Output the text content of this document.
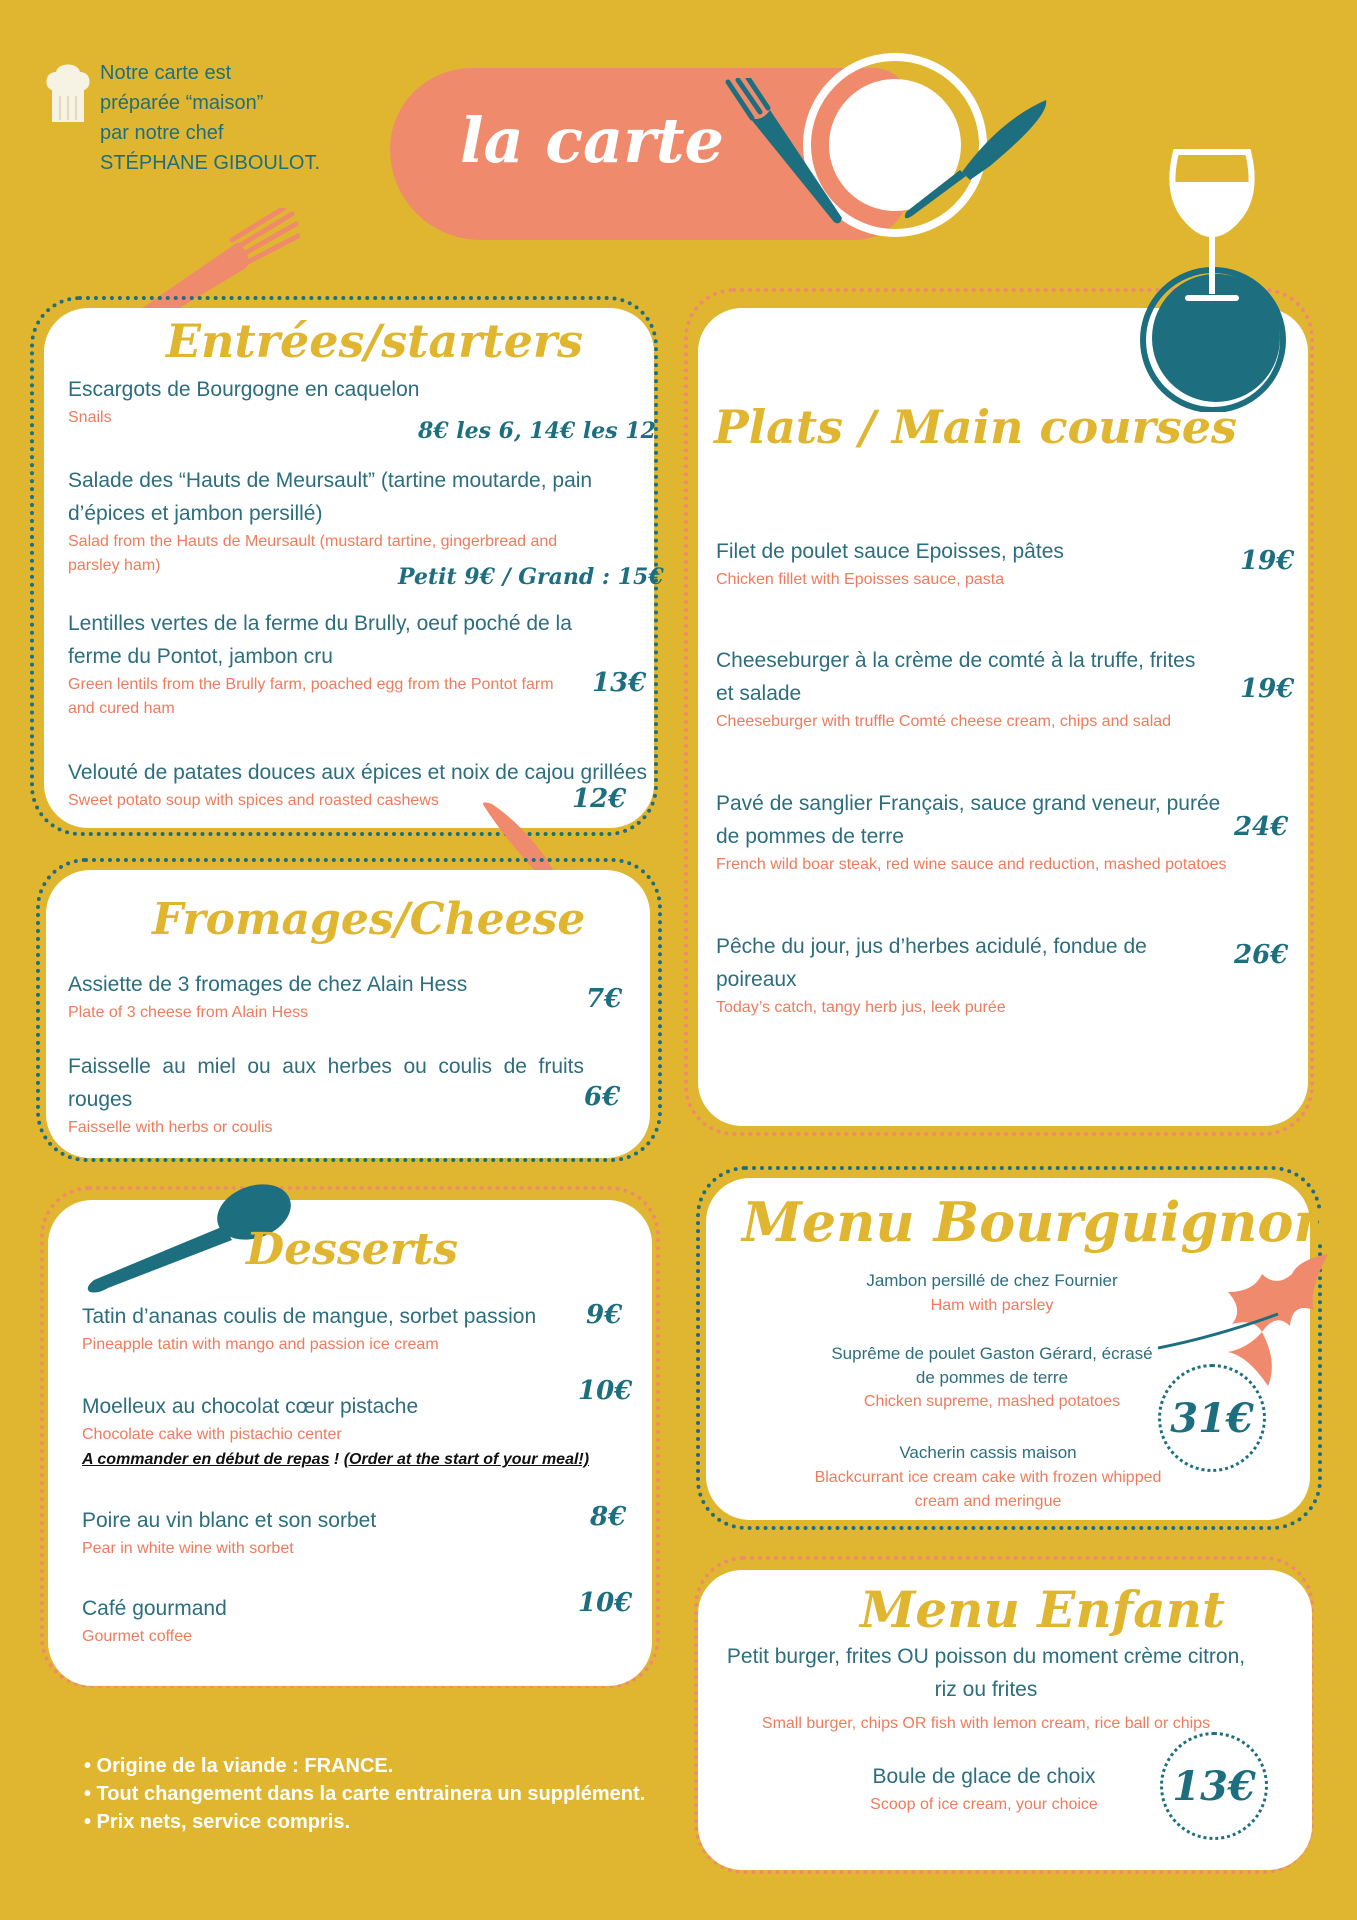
Notre carte est
préparée “maison”
par notre chef
STÉPHANE GIBOULOT. la carte
Entrées/starters
Escargots de Bourgogne en caquelon
Snails
8€ les 6, 14€ les 12
Salade des “Hauts de Meursault” (tartine moutarde, pain d’épices et jambon persillé)
Salad from the Hauts de Meursault (mustard tartine, gingerbread and parsley ham)	Petit 9€ / Grand : 15€
Lentilles vertes de la ferme du Brully, oeuf poché de la ferme du Pontot, jambon cru
Green lentils from the Brully farm, poached egg from the Pontot farm and cured ham
13€
Velouté de patates douces aux épices et noix de cajou grillées
Sweet potato soup with spices and roasted cashews	12€
Fromages/Cheese
Assiette de 3 fromages de chez Alain Hess
Plate of 3 cheese from Alain Hess	7€
Faisselle au miel ou aux herbes ou coulis de fruits rouges
Faisselle with herbs or coulis
6€
Desserts
Tatin d’ananas coulis de mangue, sorbet passion
Pineapple tatin with mango and passion ice cream
9€
Moelleux au chocolat cœur pistache
Chocolate cake with pistachio center
A commander en début de repas ! (Order at the start of your meal!)
10€
Poire au vin blanc et son sorbet
Pear in white wine with sorbet
8€
Café gourmand
Gourmet coffee
10€
• Origine de la viande : FRANCE.
• Tout changement dans la carte entrainera un supplément.
• Prix nets, service compris.
Plats / Main courses
Filet de poulet sauce Epoisses, pâtes
Chicken fillet with Epoisses sauce, pasta
19€
Cheeseburger à la crème de comté à la truffe, frites et salade
Cheeseburger with truffle Comté cheese cream, chips and salad
19€
Pavé de sanglier Français, sauce grand veneur, purée de pommes de terre
French wild boar steak, red wine sauce and reduction, mashed potatoes
24€
Pêche du jour, jus d’herbes acidulé, fondue de poireaux
Today’s catch, tangy herb jus, leek purée
26€
Menu Bourguignon
Jambon persillé de chez Fournier
Ham with parsley
Suprême de poulet Gaston Gérard, écrasé de pommes de terre
Chicken supreme, mashed potatoes
Vacherin cassis maison
Blackcurrant ice cream cake with frozen whipped cream and meringue
31€
Menu Enfant
Petit burger, frites OU poisson du moment crème citron, riz ou frites
Small burger, chips OR fish with lemon cream, rice ball or chips
Boule de glace de choix
Scoop of ice cream, your choice	13€
